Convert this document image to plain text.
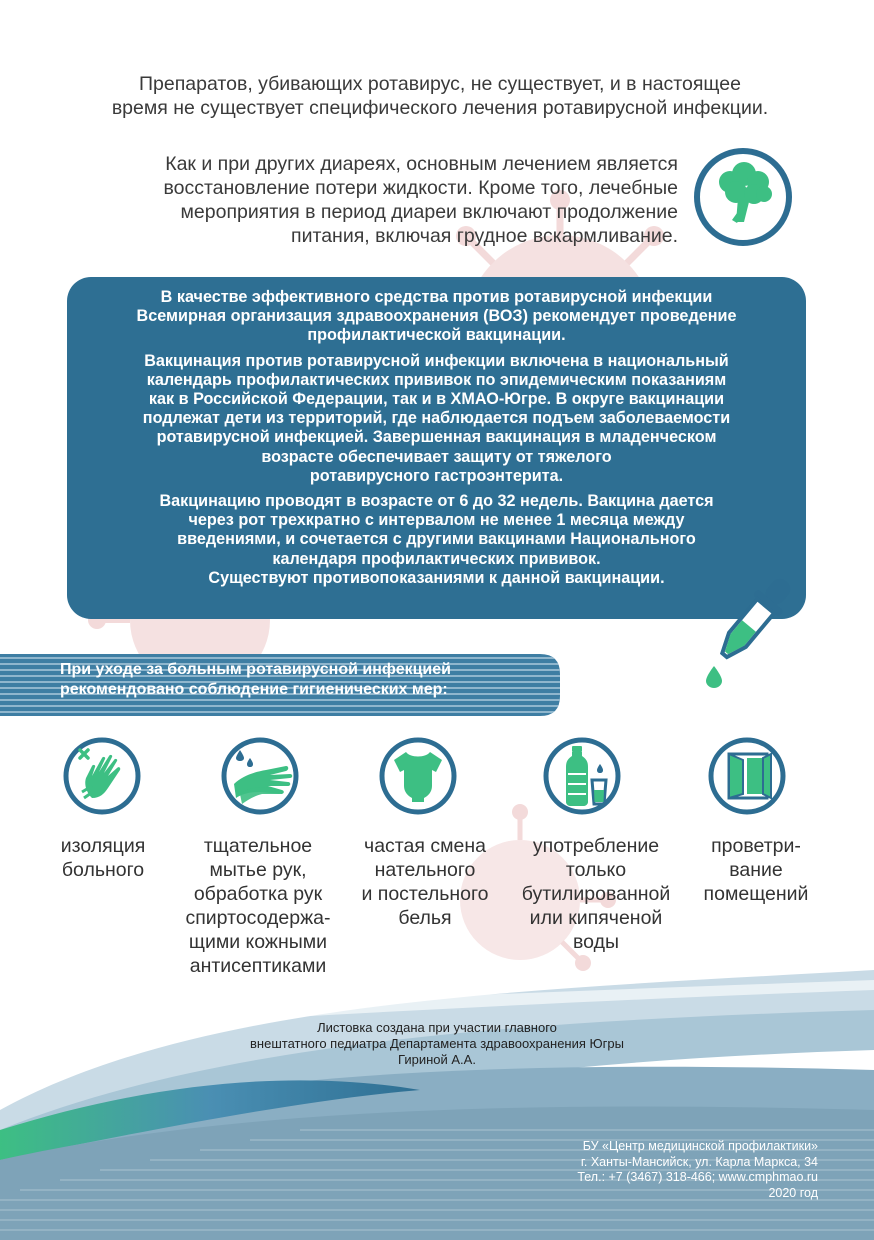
Препаратов, убивающих ротавирус, не существует, и в настоящее
время не существует специфического лечения ротавирусной инфекции.
Как и при других диареях, основным лечением является
восстановление потери жидкости. Кроме того, лечебные
мероприятия в период диареи включают продолжение
питания, включая грудное вскармливание.
В качестве эффективного средства против ротавирусной инфекции
Всемирная организация здравоохранения (ВОЗ) рекомендует проведение
профилактической вакцинации.
Вакцинация против ротавирусной инфекции включена в национальный
календарь профилактических прививок по эпидемическим показаниям
как в Российской Федерации, так и в ХМАО-Югре. В округе вакцинации
подлежат дети из территорий, где наблюдается подъем заболеваемости
ротавирусной инфекцией. Завершенная вакцинация в младенческом
возрасте обеспечивает защиту от тяжелого
ротавирусного гастроэнтерита.
Вакцинацию проводят в возрасте от 6 до 32 недель. Вакцина дается
через рот трехкратно с интервалом не менее 1 месяца между
введениями, и сочетается с другими вакцинами Национального
календаря профилактических прививок.
Существуют противопоказаниями к данной вакцинации.
При уходе за больным ротавирусной инфекцией
рекомендовано соблюдение гигиенических мер:
изоляция
больного
тщательное
мытье рук,
обработка рук
спиртосодержа-
щими кожными
антисептиками
частая смена
нательного
и постельного
белья
употребление
только
бутилированной
или кипяченой
воды
проветри-
вание
помещений
Листовка создана при участии главного
внештатного педиатра Департамента здравоохранения Югры
Гириной А.А.
БУ «Центр медицинской профилактики»
г. Ханты-Мансийск, ул. Карла Маркса, 34
Тел.: +7 (3467) 318-466; www.cmphmao.ru
2020 год
